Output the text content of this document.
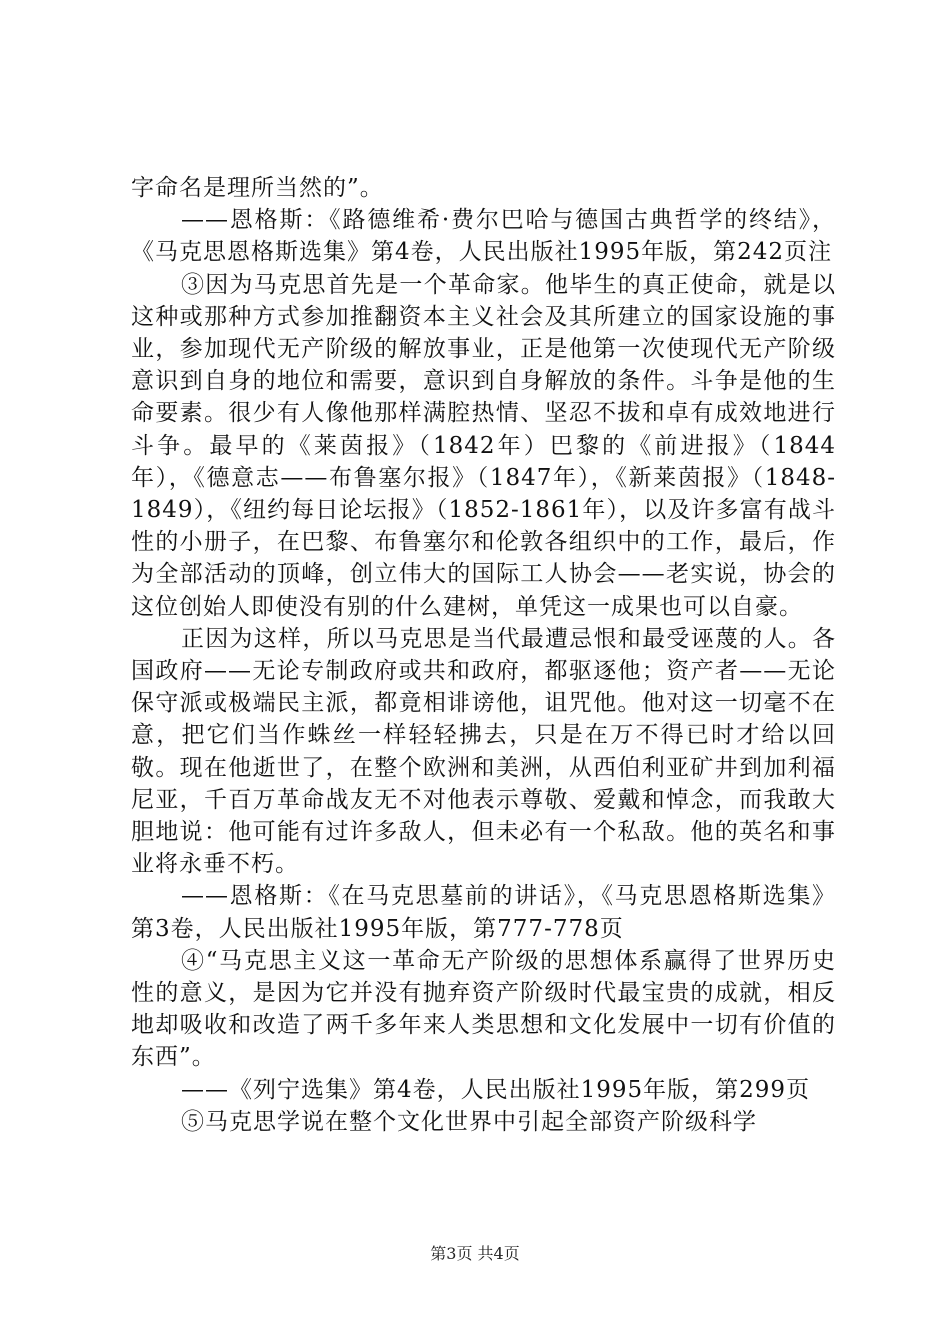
字命名是理所当然的”。

——恩格斯：《路德维希·费尔巴哈与德国古典哲学的终结》，《马克思恩格斯选集》第4卷，人民出版社1995年版，第242页注

③因为马克思首先是一个革命家。他毕生的真正使命，就是以这种或那种方式参加推翻资本主义社会及其所建立的国家设施的事业，参加现代无产阶级的解放事业，正是他第一次使现代无产阶级意识到自身的地位和需要，意识到自身解放的条件。斗争是他的生命要素。很少有人像他那样满腔热情、坚忍不拔和卓有成效地进行斗争。最早的《莱茵报》（1842年）巴黎的《前进报》（1844年），《德意志——布鲁塞尔报》（1847年），《新莱茵报》（1848-1849），《纽约每日论坛报》（1852-1861年），以及许多富有战斗性的小册子，在巴黎、布鲁塞尔和伦敦各组织中的工作，最后，作为全部活动的顶峰，创立伟大的国际工人协会——老实说，协会的这位创始人即使没有别的什么建树，单凭这一成果也可以自豪。

正因为这样，所以马克思是当代最遭忌恨和最受诬蔑的人。各国政府——无论专制政府或共和政府，都驱逐他；资产者——无论保守派或极端民主派，都竟相诽谤他，诅咒他。他对这一切毫不在意，把它们当作蛛丝一样轻轻拂去，只是在万不得已时才给以回敬。现在他逝世了，在整个欧洲和美洲，从西伯利亚矿井到加利福尼亚，千百万革命战友无不对他表示尊敬、爱戴和悼念，而我敢大胆地说：他可能有过许多敌人，但未必有一个私敌。他的英名和事业将永垂不朽。

——恩格斯：《在马克思墓前的讲话》，《马克思恩格斯选集》第3卷，人民出版社1995年版，第777-778页

④“马克思主义这一革命无产阶级的思想体系赢得了世界历史性的意义，是因为它并没有抛弃资产阶级时代最宝贵的成就，相反地却吸收和改造了两千多年来人类思想和文化发展中一切有价值的东西”。

——《列宁选集》第4卷，人民出版社1995年版，第299页

⑤马克思学说在整个文化世界中引起全部资产阶级科学

第3页 共4页
